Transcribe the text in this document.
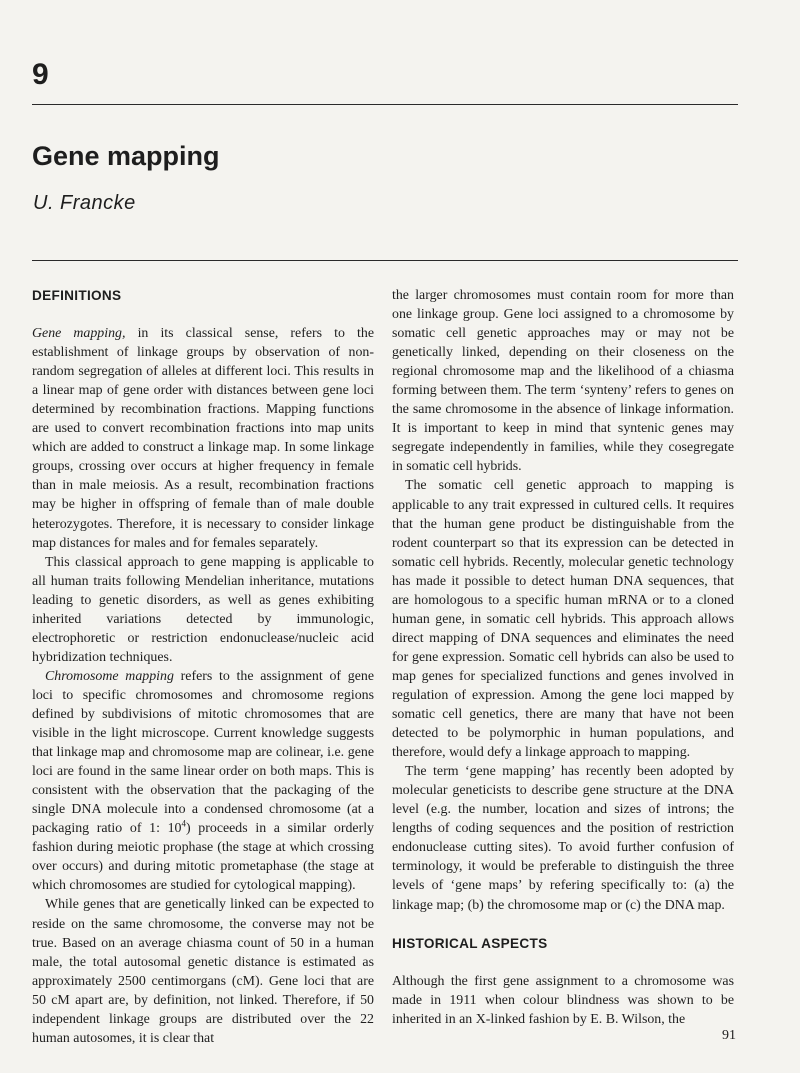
9
Gene mapping
U. Francke
DEFINITIONS

Gene mapping, in its classical sense, refers to the establishment of linkage groups by observation of non-random segregation of alleles at different loci. This results in a linear map of gene order with distances between gene loci determined by recombination fractions. Mapping functions are used to convert recombination fractions into map units which are added to construct a linkage map. In some linkage groups, crossing over occurs at higher frequency in female than in male meiosis. As a result, recombination fractions may be higher in offspring of female than of male double heterozygotes. Therefore, it is necessary to consider linkage map distances for males and for females separately.

This classical approach to gene mapping is applicable to all human traits following Mendelian inheritance, mutations leading to genetic disorders, as well as genes exhibiting inherited variations detected by immunologic, electrophoretic or restriction endonuclease/nucleic acid hybridization techniques.

Chromosome mapping refers to the assignment of gene loci to specific chromosomes and chromosome regions defined by subdivisions of mitotic chromosomes that are visible in the light microscope. Current knowledge suggests that linkage map and chromosome map are colinear, i.e. gene loci are found in the same linear order on both maps. This is consistent with the observation that the packaging of the single DNA molecule into a condensed chromosome (at a packaging ratio of 1: $10^4$) proceeds in a similar orderly fashion during meiotic prophase (the stage at which crossing over occurs) and during mitotic prometaphase (the stage at which chromosomes are studied for cytological mapping).

While genes that are genetically linked can be expected to reside on the same chromosome, the converse may not be true. Based on an average chiasma count of 50 in a human male, the total autosomal genetic distance is estimated as approximately 2500 centimorgans (cM). Gene loci that are 50 cM apart are, by definition, not linked. Therefore, if 50 independent linkage groups are distributed over the 22 human autosomes, it is clear that

the larger chromosomes must contain room for more than one linkage group. Gene loci assigned to a chromosome by somatic cell genetic approaches may or may not be genetically linked, depending on their closeness on the regional chromosome map and the likelihood of a chiasma forming between them. The term ‘synteny’ refers to genes on the same chromosome in the absence of linkage information. It is important to keep in mind that syntenic genes may segregate independently in families, while they cosegregate in somatic cell hybrids.

The somatic cell genetic approach to mapping is applicable to any trait expressed in cultured cells. It requires that the human gene product be distinguishable from the rodent counterpart so that its expression can be detected in somatic cell hybrids. Recently, molecular genetic technology has made it possible to detect human DNA sequences, that are homologous to a specific human mRNA or to a cloned human gene, in somatic cell hybrids. This approach allows direct mapping of DNA sequences and eliminates the need for gene expression. Somatic cell hybrids can also be used to map genes for specialized functions and genes involved in regulation of expression. Among the gene loci mapped by somatic cell genetics, there are many that have not been detected to be polymorphic in human populations, and therefore, would defy a linkage approach to mapping.

The term ‘gene mapping’ has recently been adopted by molecular geneticists to describe gene structure at the DNA level (e.g. the number, location and sizes of introns; the lengths of coding sequences and the position of restriction endonuclease cutting sites). To avoid further confusion of terminology, it would be preferable to distinguish the three levels of ‘gene maps’ by refering specifically to: (a) the linkage map; (b) the chromosome map or (c) the DNA map.

HISTORICAL ASPECTS

Although the first gene assignment to a chromosome was made in 1911 when colour blindness was shown to be inherited in an X-linked fashion by E. B. Wilson, the

91
